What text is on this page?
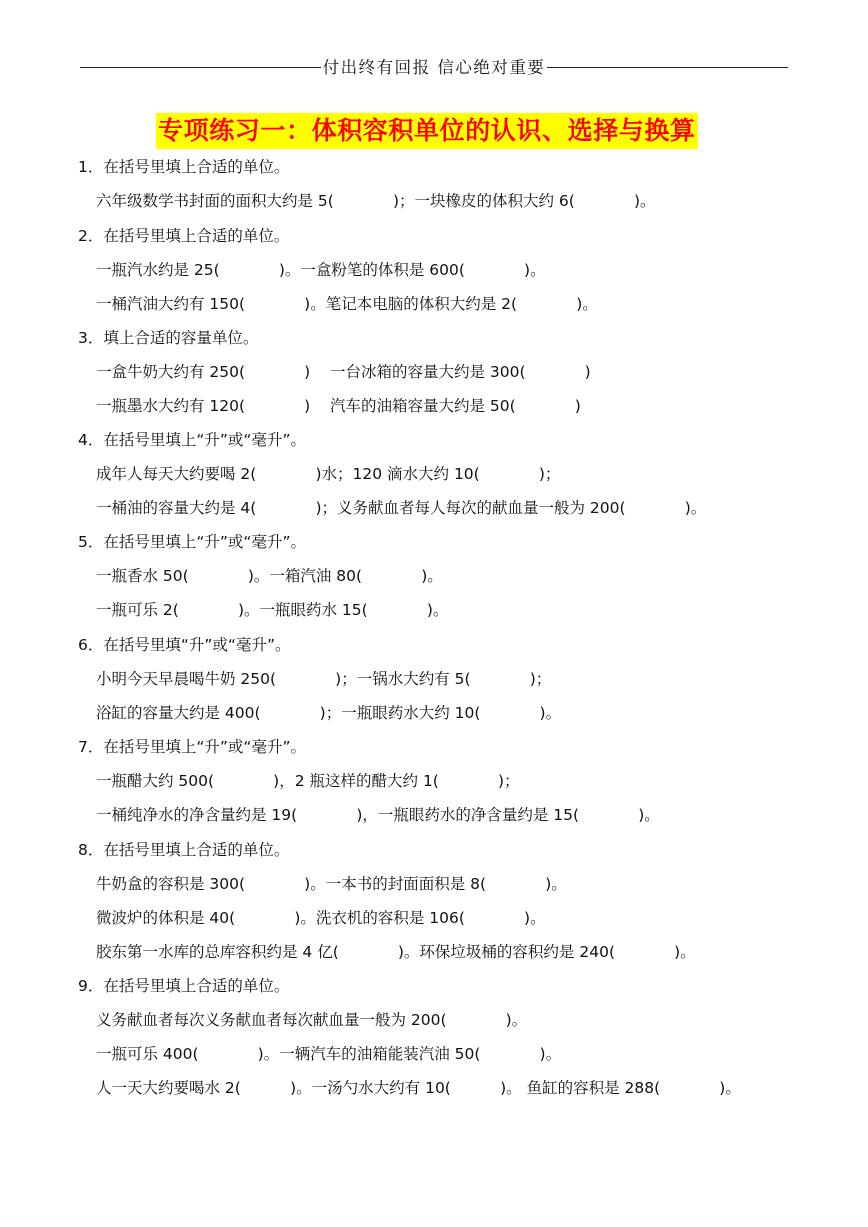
付出终有回报 信心绝对重要
专项练习一：体积容积单位的认识、选择与换算
1．在括号里填上合适的单位。
六年级数学书封面的面积大约是 5(            )；一块橡皮的体积大约 6(            )。
2．在括号里填上合适的单位。
一瓶汽水约是 25(            )。一盒粉笔的体积是 600(            )。
一桶汽油大约有 150(            )。笔记本电脑的体积大约是 2(            )。
3．填上合适的容量单位。
一盒牛奶大约有 250(            )    一台冰箱的容量大约是 300(            )
一瓶墨水大约有 120(            )    汽车的油箱容量大约是 50(            )
4．在括号里填上“升”或“毫升”。
成年人每天大约要喝 2(            )水；120 滴水大约 10(            )；
一桶油的容量大约是 4(            )；义务献血者每人每次的献血量一般为 200(            )。
5．在括号里填上“升”或“毫升”。
一瓶香水 50(            )。一箱汽油 80(            )。
一瓶可乐 2(            )。一瓶眼药水 15(            )。
6．在括号里填“升”或“毫升”。
小明今天早晨喝牛奶 250(            )；一锅水大约有 5(            )；
浴缸的容量大约是 400(            )；一瓶眼药水大约 10(            )。
7．在括号里填上“升”或“毫升”。
一瓶醋大约 500(            )，2 瓶这样的醋大约 1(            )；
一桶纯净水的净含量约是 19(            )，一瓶眼药水的净含量约是 15(            )。
8．在括号里填上合适的单位。
牛奶盒的容积是 300(            )。一本书的封面面积是 8(            )。
微波炉的体积是 40(            )。洗衣机的容积是 106(            )。
胶东第一水库的总库容积约是 4 亿(            )。环保垃圾桶的容积约是 240(            )。
9．在括号里填上合适的单位。
义务献血者每次义务献血者每次献血量一般为 200(            )。
一瓶可乐 400(            )。一辆汽车的油箱能装汽油 50(            )。
人一天大约要喝水 2(          )。一汤勺水大约有 10(          )。 鱼缸的容积是 288(            )。
